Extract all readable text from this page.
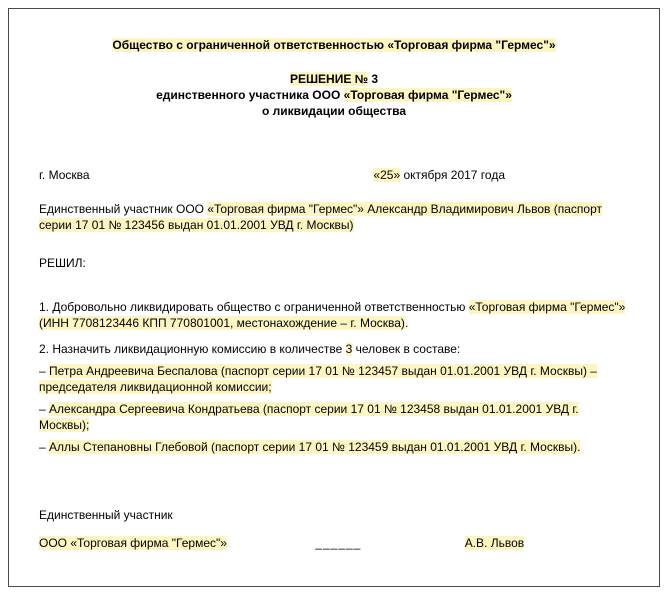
Общество с ограниченной ответственностью «Торговая фирма "Гермес"»
РЕШЕНИЕ № 3
единственного участника ООО «Торговая фирма "Гермес"»
о ликвидации общества
г. Москва	«25» октября 2017 года
Единственный участник ООО «Торговая фирма "Гермес"» Александр Владимирович Львов (паспорт серии 17 01 № 123456 выдан 01.01.2001 УВД г. Москвы)
РЕШИЛ:
1. Добровольно ликвидировать общество с ограниченной ответственностью «Торговая фирма "Гермес"» (ИНН 7708123446 КПП 770801001, местонахождение – г. Москва).
2. Назначить ликвидационную комиссию в количестве 3 человек в составе:
– Петра Андреевича Беспалова (паспорт серии 17 01 № 123457 выдан 01.01.2001 УВД г. Москвы) – председателя ликвидационной комиссии;
– Александра Сергеевича Кондратьева (паспорт серии 17 01 № 123458 выдан 01.01.2001 УВД г. Москвы);
– Аллы Степановны Глебовой (паспорт серии 17 01 № 123459 выдан 01.01.2001 УВД г. Москвы).
Единственный участник
ООО «Торговая фирма "Гермес"»	______	А.В. Львов
